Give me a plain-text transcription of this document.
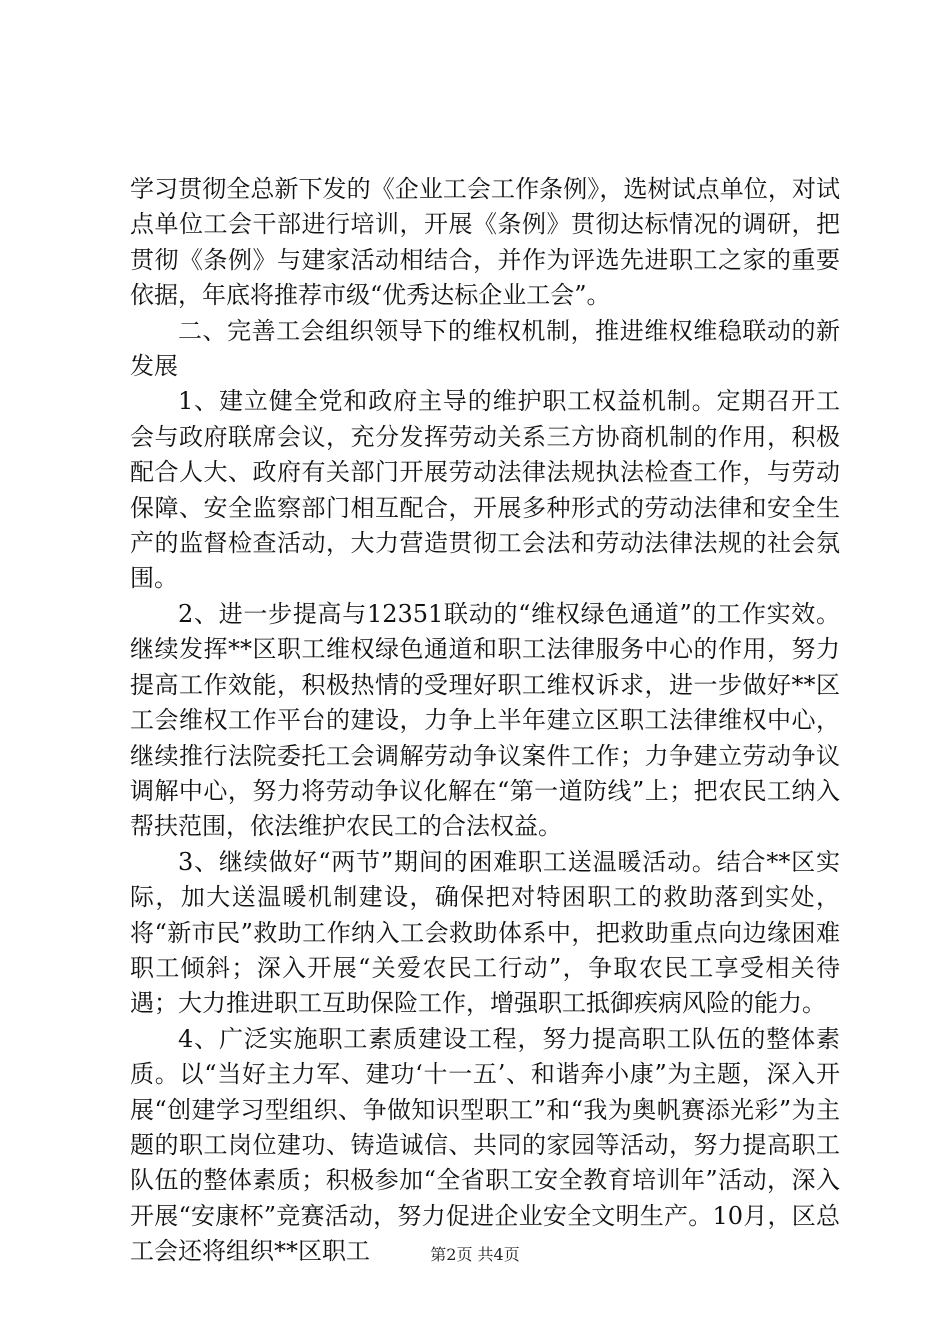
学习贯彻全总新下发的《企业工会工作条例》，选树试点单位，对试点单位工会干部进行培训，开展《条例》贯彻达标情况的调研，把贯彻《条例》与建家活动相结合，并作为评选先进职工之家的重要依据，年底将推荐市级“优秀达标企业工会”。

二、完善工会组织领导下的维权机制，推进维权维稳联动的新发展

1、建立健全党和政府主导的维护职工权益机制。定期召开工会与政府联席会议，充分发挥劳动关系三方协商机制的作用，积极配合人大、政府有关部门开展劳动法律法规执法检查工作，与劳动保障、安全监察部门相互配合，开展多种形式的劳动法律和安全生产的监督检查活动，大力营造贯彻工会法和劳动法律法规的社会氛围。

2、进一步提高与12351联动的“维权绿色通道”的工作实效。继续发挥**区职工维权绿色通道和职工法律服务中心的作用，努力提高工作效能，积极热情的受理好职工维权诉求，进一步做好**区工会维权工作平台的建设，力争上半年建立区职工法律维权中心，继续推行法院委托工会调解劳动争议案件工作；力争建立劳动争议调解中心，努力将劳动争议化解在“第一道防线”上；把农民工纳入帮扶范围，依法维护农民工的合法权益。

3、继续做好“两节”期间的困难职工送温暖活动。结合**区实际，加大送温暖机制建设，确保把对特困职工的救助落到实处，将“新市民”救助工作纳入工会救助体系中，把救助重点向边缘困难职工倾斜；深入开展“关爱农民工行动”，争取农民工享受相关待遇；大力推进职工互助保险工作，增强职工抵御疾病风险的能力。

4、广泛实施职工素质建设工程，努力提高职工队伍的整体素质。以“当好主力军、建功‘十一五’、和谐奔小康”为主题，深入开展“创建学习型组织、争做知识型职工”和“我为奥帆赛添光彩”为主题的职工岗位建功、铸造诚信、共同的家园等活动，努力提高职工队伍的整体素质；积极参加“全省职工安全教育培训年”活动，深入开展“安康杯”竞赛活动，努力促进企业安全文明生产。10月，区总工会还将组织**区职工	第2页 共4页
